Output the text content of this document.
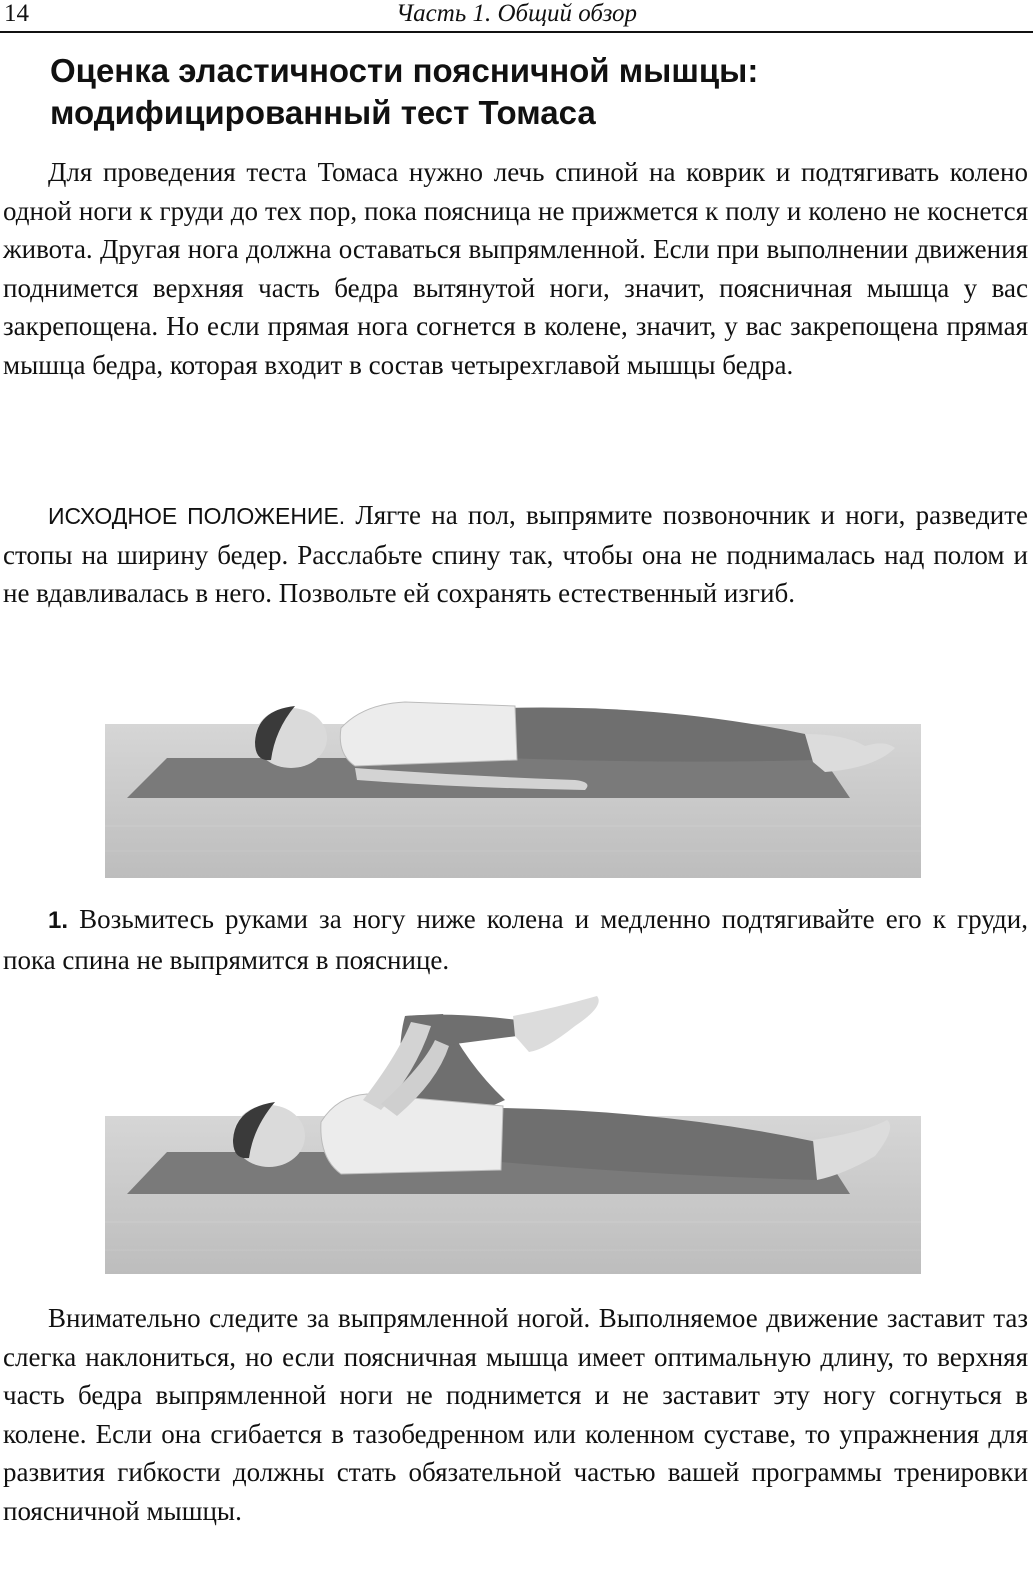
14	Часть 1. Общий обзор
Оценка эластичности поясничной мышцы:
модифицированный тест Томаса

Для проведения теста Томаса нужно лечь спиной на коврик и подтягивать колено одной ноги к груди до тех пор, пока поясница не прижмется к полу и колено не коснется живота. Другая нога должна оставаться выпрямленной. Если при выполнении движения поднимется верхняя часть бедра вытянутой ноги, значит, поясничная мышца у вас закрепощена. Но если прямая нога согнется в колене, значит, у вас закрепощена прямая мышца бедра, которая входит в состав четырехглавой мышцы бедра.

ИСХОДНОЕ ПОЛОЖЕНИЕ. Лягте на пол, выпрямите позвоночник и ноги, разведите стопы на ширину бедер. Расслабьте спину так, чтобы она не поднималась над полом и не вдавливалась в него. Позвольте ей сохранять естественный изгиб.

1. Возьмитесь руками за ногу ниже колена и медленно подтягивайте его к груди, пока спина не выпрямится в пояснице.

Внимательно следите за выпрямленной ногой. Выполняемое движение заставит таз слегка наклониться, но если поясничная мышца имеет оптимальную длину, то верхняя часть бедра выпрямленной ноги не поднимется и не заставит эту ногу согнуться в колене. Если она сгибается в тазобедренном или коленном суставе, то упражнения для развития гибкости должны стать обязательной частью вашей программы тренировки поясничной мышцы.
